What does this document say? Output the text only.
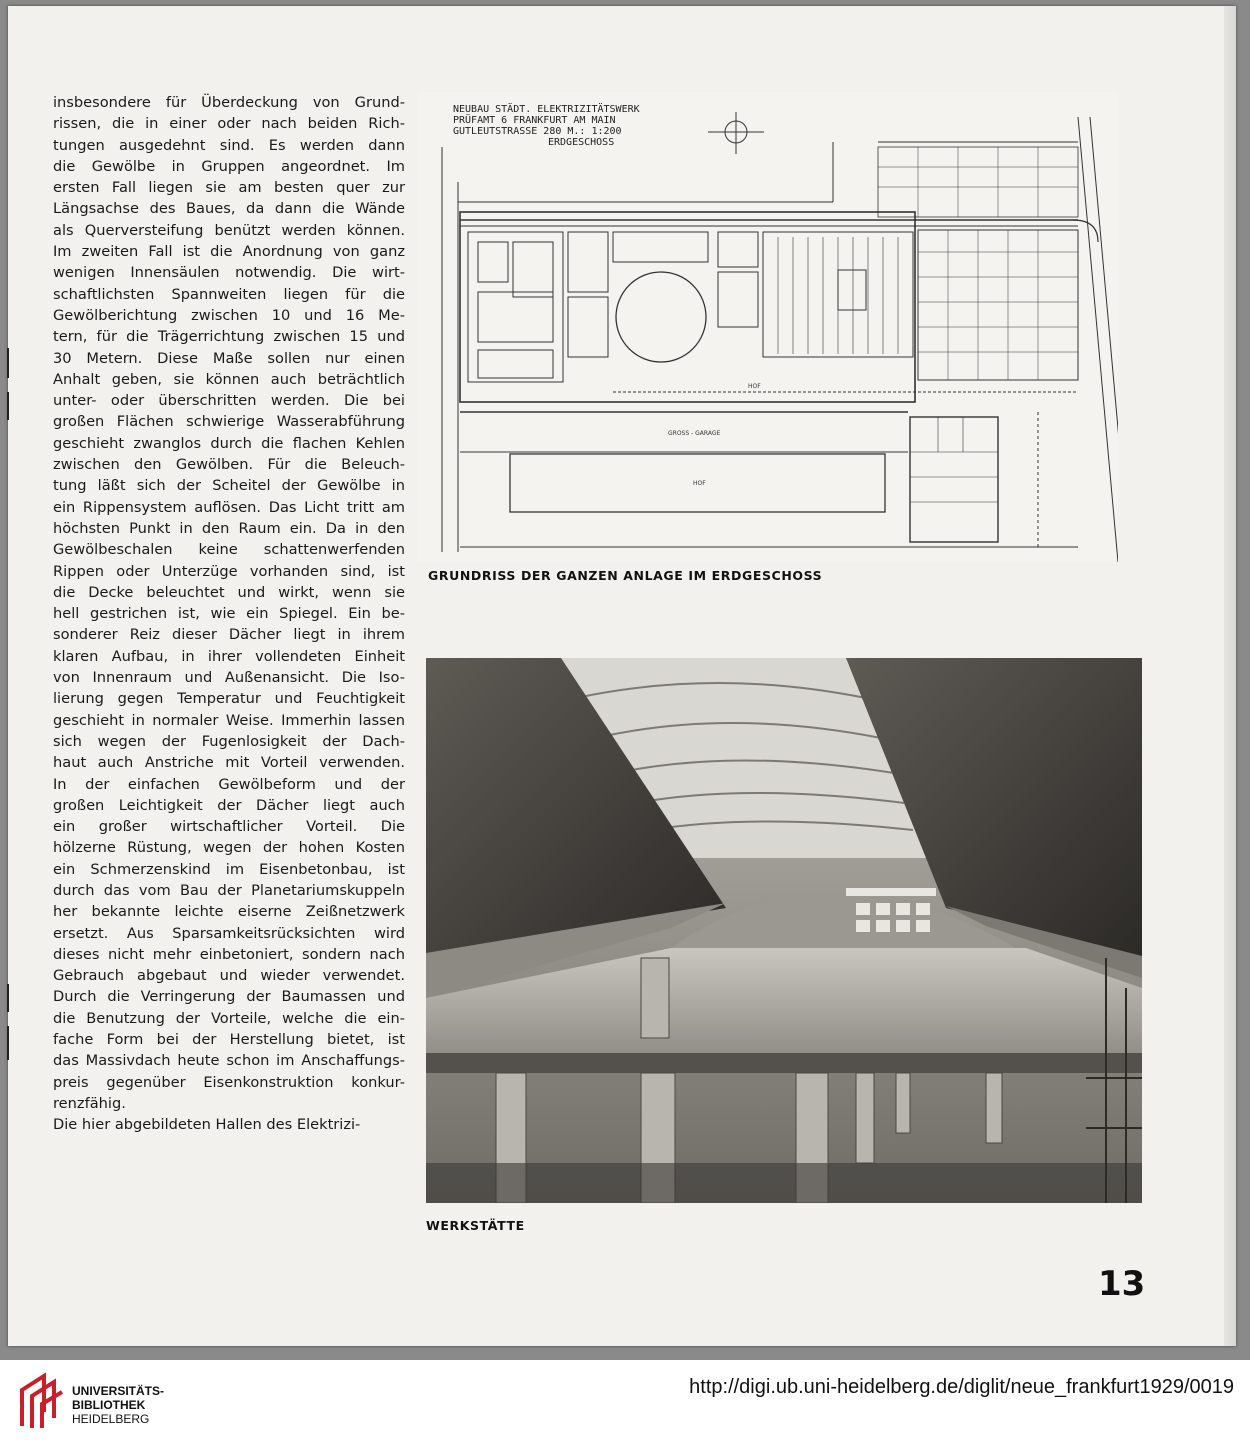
insbesondere für Überdeckung von Grund-
rissen, die in einer oder nach beiden Rich-
tungen ausgedehnt sind. Es werden dann
die Gewölbe in Gruppen angeordnet. Im
ersten Fall liegen sie am besten quer zur
Längsachse des Baues, da dann die Wände
als Querversteifung benützt werden können.
Im zweiten Fall ist die Anordnung von ganz
wenigen Innensäulen notwendig. Die wirt-
schaftlichsten Spannweiten liegen für die
Gewölberichtung zwischen 10 und 16 Me-
tern, für die Trägerrichtung zwischen 15 und
30 Metern. Diese Maße sollen nur einen
Anhalt geben, sie können auch beträchtlich
unter- oder überschritten werden. Die bei
großen Flächen schwierige Wasserabführung
geschieht zwanglos durch die flachen Kehlen
zwischen den Gewölben. Für die Beleuch-
tung läßt sich der Scheitel der Gewölbe in
ein Rippensystem auflösen. Das Licht tritt am
höchsten Punkt in den Raum ein. Da in den
Gewölbeschalen keine schattenwerfenden
Rippen oder Unterzüge vorhanden sind, ist
die Decke beleuchtet und wirkt, wenn sie
hell gestrichen ist, wie ein Spiegel. Ein be-
sonderer Reiz dieser Dächer liegt in ihrem
klaren Aufbau, in ihrer vollendeten Einheit
von Innenraum und Außenansicht. Die Iso-
lierung gegen Temperatur und Feuchtigkeit
geschieht in normaler Weise. Immerhin lassen
sich wegen der Fugenlosigkeit der Dach-
haut auch Anstriche mit Vorteil verwenden.
In der einfachen Gewölbeform und der
großen Leichtigkeit der Dächer liegt auch
ein großer wirtschaftlicher Vorteil. Die
hölzerne Rüstung, wegen der hohen Kosten
ein Schmerzenskind im Eisenbetonbau, ist
durch das vom Bau der Planetariumskuppeln
her bekannte leichte eiserne Zeißnetzwerk
ersetzt. Aus Sparsamkeitsrücksichten wird
dieses nicht mehr einbetoniert, sondern nach
Gebrauch abgebaut und wieder verwendet.
Durch die Verringerung der Baumassen und
die Benutzung der Vorteile, welche die ein-
fache Form bei der Herstellung bietet, ist
das Massivdach heute schon im Anschaffungs-
preis gegenüber Eisenkonstruktion konkur-
renzfähig.
Die hier abgebildeten Hallen des Elektrizi-
NEUBAU STÄDT. ELEKTRIZITÄTSWERK
PRÜFAMT 6 FRANKFURT AM MAIN
GUTLEUTSTRASSE 280 M.: 1:200
ERDGESCHOSS
HOF
GROSS - GARAGE
HOF
GRUNDRISS DER GANZEN ANLAGE IM ERDGESCHOSS
WERKSTÄTTE
13
UNIVERSITÄTS-
BIBLIOTHEK
HEIDELBERG
http://digi.ub.uni-heidelberg.de/diglit/neue_frankfurt1929/0019
